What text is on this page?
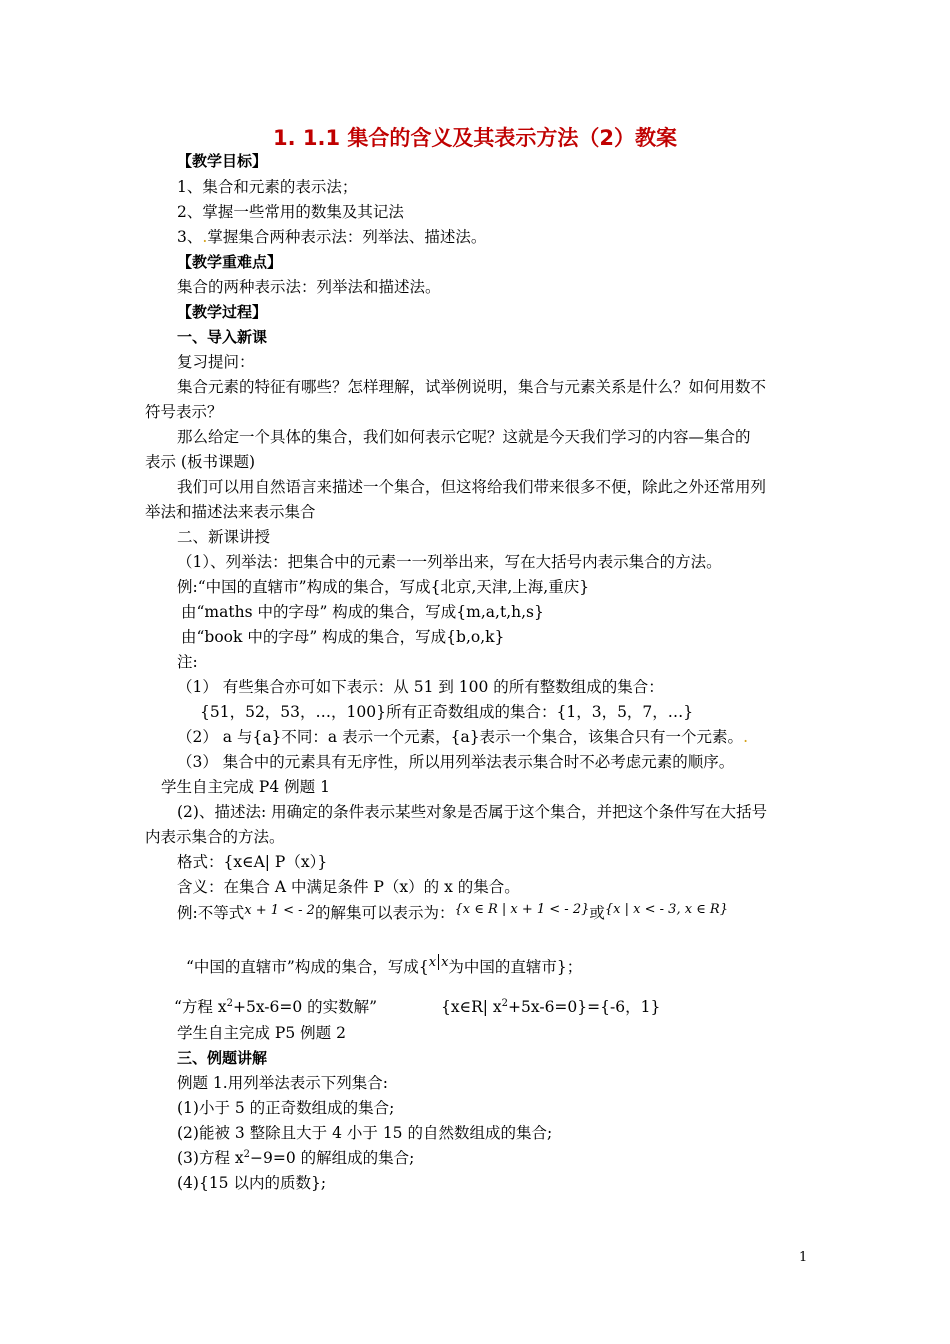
1. 1.1 集合的含义及其表示方法（2）教案
【教学目标】
1、集合和元素的表示法；
2、掌握一些常用的数集及其记法
3、.掌握集合两种表示法：列举法、描述法。
【教学重难点】
集合的两种表示法：列举法和描述法。
【教学过程】
一、导入新课
复习提问：
集合元素的特征有哪些？怎样理解，试举例说明，集合与元素关系是什么？如何用数不
符号表示？
那么给定一个具体的集合，我们如何表示它呢？这就是今天我们学习的内容—集合的
表示 (板书课题)
我们可以用自然语言来描述一个集合，但这将给我们带来很多不便，除此之外还常用列
举法和描述法来表示集合
二、新课讲授
（1）、列举法：把集合中的元素一一列举出来，写在大括号内表示集合的方法。
例:“中国的直辖市”构成的集合，写成{北京,天津,上海,重庆}
由“maths 中的字母” 构成的集合，写成{m,a,t,h,s}
由“book 中的字母” 构成的集合，写成{b,o,k}
注:
（1） 有些集合亦可如下表示：从 51 到 100 的所有整数组成的集合：
{51，52，53，…，100}所有正奇数组成的集合：{1，3，5，7，…}
（2） a 与{a}不同：a 表示一个元素，{a}表示一个集合，该集合只有一个元素。.
（3） 集合中的元素具有无序性，所以用列举法表示集合时不必考虑元素的顺序。
学生自主完成 P4 例题 1
(2)、描述法: 用确定的条件表示某些对象是否属于这个集合，并把这个条件写在大括号
内表示集合的方法。
格式：{x∈A| P（x）}
含义：在集合 A 中满足条件 P（x）的 x 的集合。
例:不等式$^{x + 1 < - 2}$的解集可以表示为：$^{\{x \in R | x + 1 < - 2\}}$或$^{\{x | x < - 3, x \in R\}}$
“中国的直辖市”构成的集合，写成{$^x$ $^x$为中国的直辖市}；
“方程 $x^2+5x-6=0$ 的实数解”	{x∈R| $x^2+5x-6=0\}=\{-6$，1}
学生自主完成 P5 例题 2
三、例题讲解
例题 1.用列举法表示下列集合:
(1)小于 5 的正奇数组成的集合;
(2)能被 3 整除且大于 4 小于 15 的自然数组成的集合;
(3)方程 $x^2-9=0$ 的解组成的集合;
(4){15 以内的质数};
1
